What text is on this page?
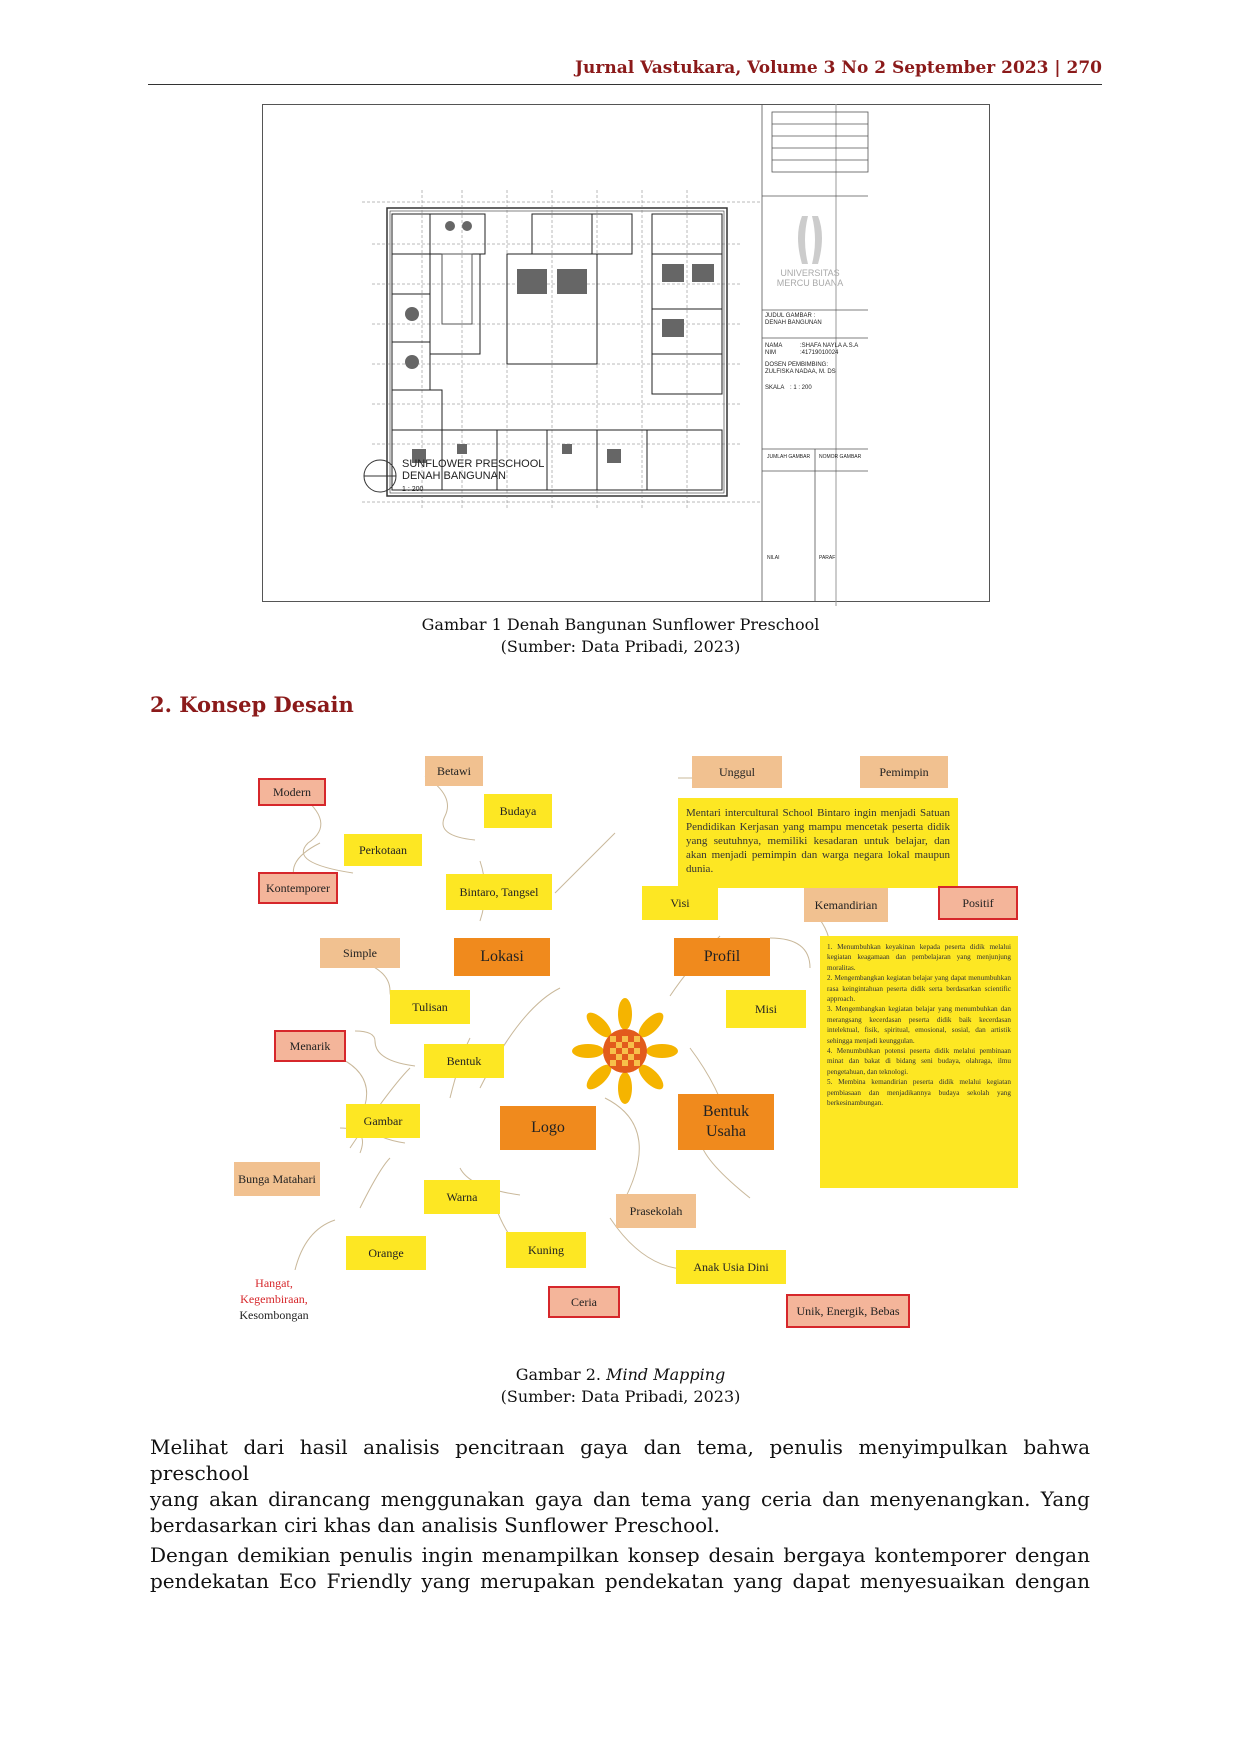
Jurnal Vastukara, Volume 3 No 2 September 2023 | 270
SUNFLOWER PRESCHOOL
DENAH BANGUNAN
1 : 200
UNIVERSITAS
MERCU BUANA
JUDUL GAMBAR :
DENAH BANGUNAN
NAMA	:SHAFA NAYLA A.S.A
NIM	:41719010024
DOSEN PEMBIMBING:
ZULFISKA NADAA, M. DS
SKALA : 1 : 200
JUMLAH GAMBAR NOMOR GAMBAR
NILAI	PARAF
Gambar 1 Denah Bangunan Sunflower Preschool
(Sumber: Data Pribadi, 2023)
2. Konsep Desain
Betawi
Modern
Budaya
Perkotaan
Kontemporer	Bintaro, Tangsel
Simple	Lokasi
Tulisan
Menarik
Bentuk
Gambar
Bunga Matahari
Logo
Warna
Orange	Kuning
Hangat,
Kegembiraan,
Kesombongan
Ceria
Unggul	Pemimpin
Mentari intercultural School Bintaro ingin menjadi Satuan Pendidikan Kerjasan yang mampu mencetak peserta didik yang seutuhnya, memiliki kesadaran untuk belajar, dan akan menjadi pemimpin dan warga negara lokal maupun dunia.
Visi	Kemandirian	Positif
Profil
Misi
1. Menumbuhkan keyakinan kepada peserta didik melalui kegiatan keagamaan dan pembelajaran yang menjunjung moralitas.
2. Mengembangkan kegiatan belajar yang dapat menumbuhkan rasa keingintahuan peserta didik serta berdasarkan scientific approach.
3. Mengembangkan kegiatan belajar yang menumbuhkan dan merangsang kecerdasan peserta didik baik kecerdasan intelektual, fisik, spiritual, emosional, sosial, dan artistik sehingga menjadi keunggulan.
4. Menumbuhkan potensi peserta didik melalui pembinaan minat dan bakat di bidang seni budaya, olahraga, ilmu pengetahuan, dan teknologi.
5. Membina kemandirian peserta didik melalui kegiatan pembiasaan dan menjadikannya budaya sekolah yang berkesinambungan.
Bentuk
Usaha
Prasekolah
Anak Usia Dini
Unik, Energik, Bebas
Gambar 2. Mind Mapping
(Sumber: Data Pribadi, 2023)
Melihat dari hasil analisis pencitraan gaya dan tema, penulis menyimpulkan bahwa preschool
yang akan dirancang menggunakan gaya dan tema yang ceria dan menyenangkan. Yang
berdasarkan ciri khas dan analisis Sunflower Preschool.
Dengan demikian penulis ingin menampilkan konsep desain bergaya kontemporer dengan
pendekatan Eco Friendly yang merupakan pendekatan yang dapat menyesuaikan dengan
